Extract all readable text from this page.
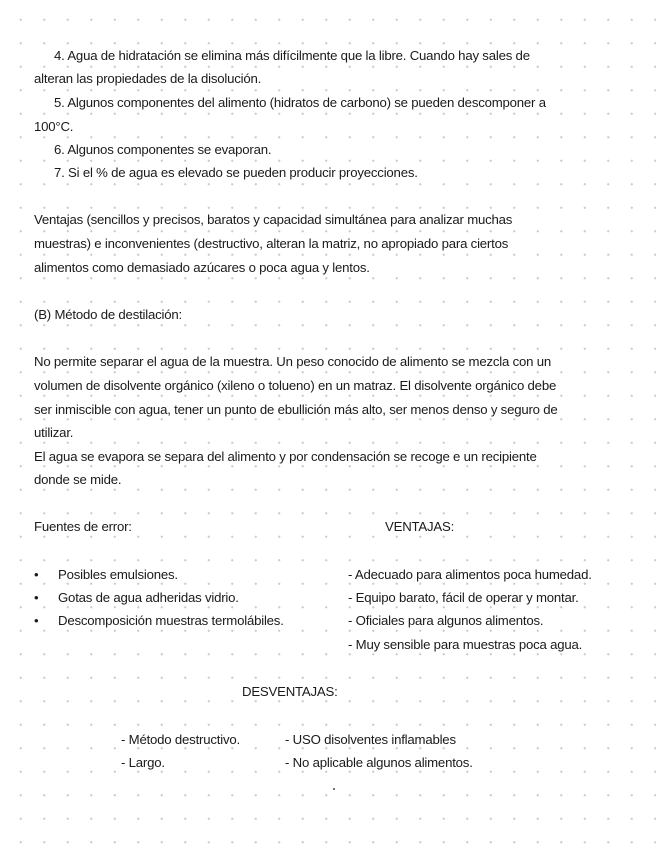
4. Agua de hidratación se elimina más difícilmente que la libre. Cuando hay sales de
alteran las propiedades de la disolución.
5. Algunos componentes del alimento (hidratos de carbono) se pueden descomponer a
100°C.
6. Algunos componentes se evaporan.
7. Si el % de agua es elevado se pueden producir proyecciones.
Ventajas (sencillos y precisos, baratos y capacidad simultánea para analizar muchas
muestras) e inconvenientes (destructivo, alteran la matriz, no apropiado para ciertos
alimentos como demasiado azúcares o poca agua y lentos.
(B) Método de destilación:
No permite separar el agua de la muestra. Un peso conocido de alimento se mezcla con un
volumen de disolvente orgánico (xileno o tolueno) en un matraz. El disolvente orgánico debe
ser inmiscible con agua, tener un punto de ebullición más alto, ser menos denso y seguro de
utilizar.
El agua se evapora se separa del alimento y por condensación se recoge e un recipiente
donde se mide.
Fuentes de error:	VENTAJAS:
• Posibles emulsiones.
• Gotas de agua adheridas vidrio.
• Descomposición muestras termolábiles.
- Adecuado para alimentos poca humedad.
- Equipo barato, fácil de operar y montar.
- Oficiales para algunos alimentos.
- Muy sensible para muestras poca agua.
DESVENTAJAS:
- Método destructivo.
- Largo.
- USO disolventes inflamables
- No aplicable algunos alimentos.
